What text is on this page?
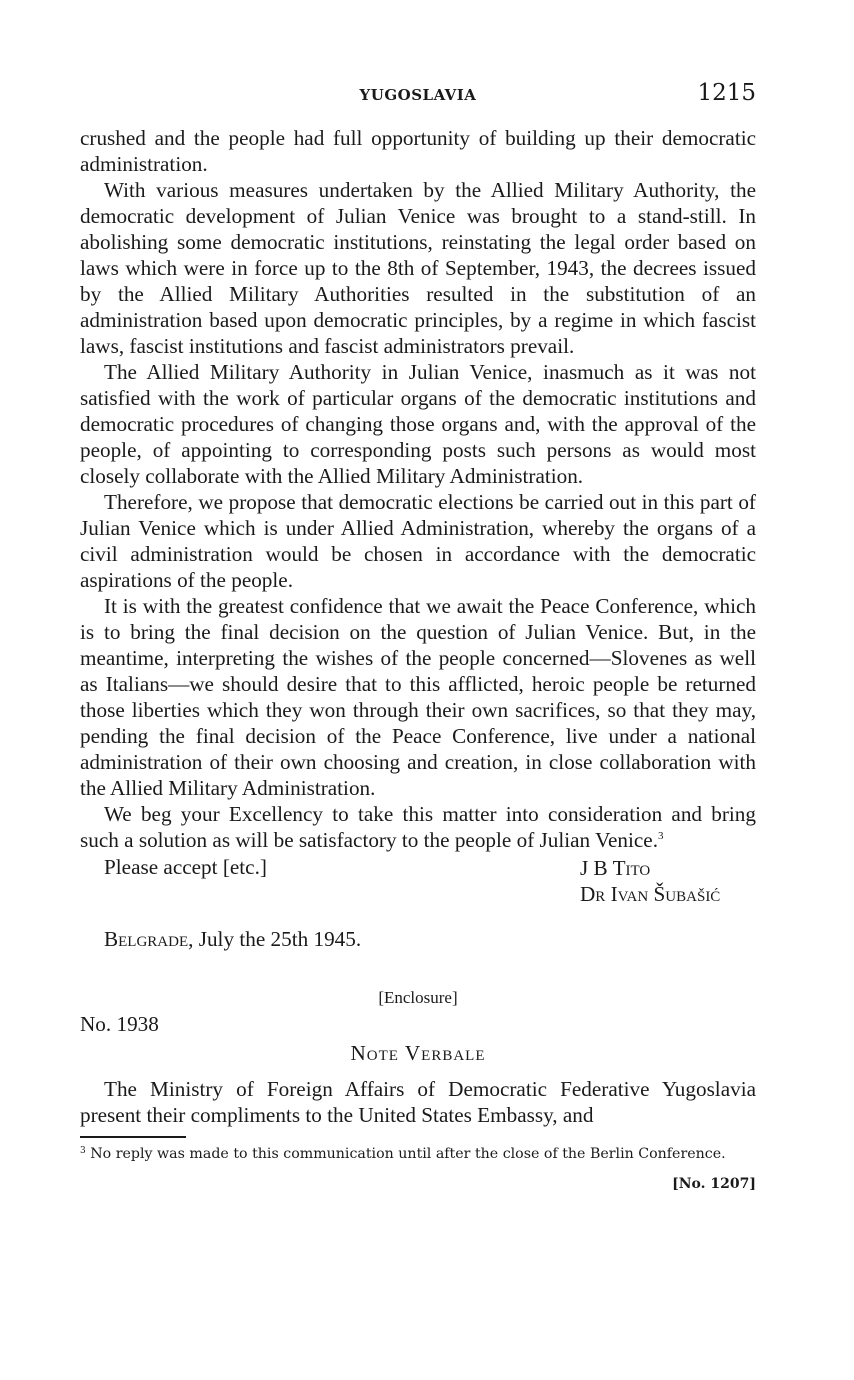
YUGOSLAVIA	1215

crushed and the people had full opportunity of building up their democratic administration.

With various measures undertaken by the Allied Military Authority, the democratic development of Julian Venice was brought to a stand-still. In abolishing some democratic institutions, reinstating the legal order based on laws which were in force up to the 8th of September, 1943, the decrees issued by the Allied Military Authorities resulted in the substitution of an administration based upon democratic principles, by a regime in which fascist laws, fascist institutions and fascist administrators prevail.

The Allied Military Authority in Julian Venice, inasmuch as it was not satisfied with the work of particular organs of the democratic institutions and democratic procedures of changing those organs and, with the approval of the people, of appointing to corresponding posts such persons as would most closely collaborate with the Allied Military Administration.

Therefore, we propose that democratic elections be carried out in this part of Julian Venice which is under Allied Administration, whereby the organs of a civil administration would be chosen in accordance with the democratic aspirations of the people.

It is with the greatest confidence that we await the Peace Conference, which is to bring the final decision on the question of Julian Venice. But, in the meantime, interpreting the wishes of the people concerned—Slovenes as well as Italians—we should desire that to this afflicted, heroic people be returned those liberties which they won through their own sacrifices, so that they may, pending the final decision of the Peace Conference, live under a national administration of their own choosing and creation, in close collaboration with the Allied Military Administration.

We beg your Excellency to take this matter into consideration and bring such a solution as will be satisfactory to the people of Julian Venice.$^3$

Please accept [etc.]	J B Tito
Dr Ivan Šubašić
Belgrade, July the 25th 1945.
[Enclosure]
No. 1938
Note Verbale
The Ministry of Foreign Affairs of Democratic Federative Yugoslavia present their compliments to the United States Embassy, and
$^3$ No reply was made to this communication until after the close of the Berlin Conference.
[No. 1207]
